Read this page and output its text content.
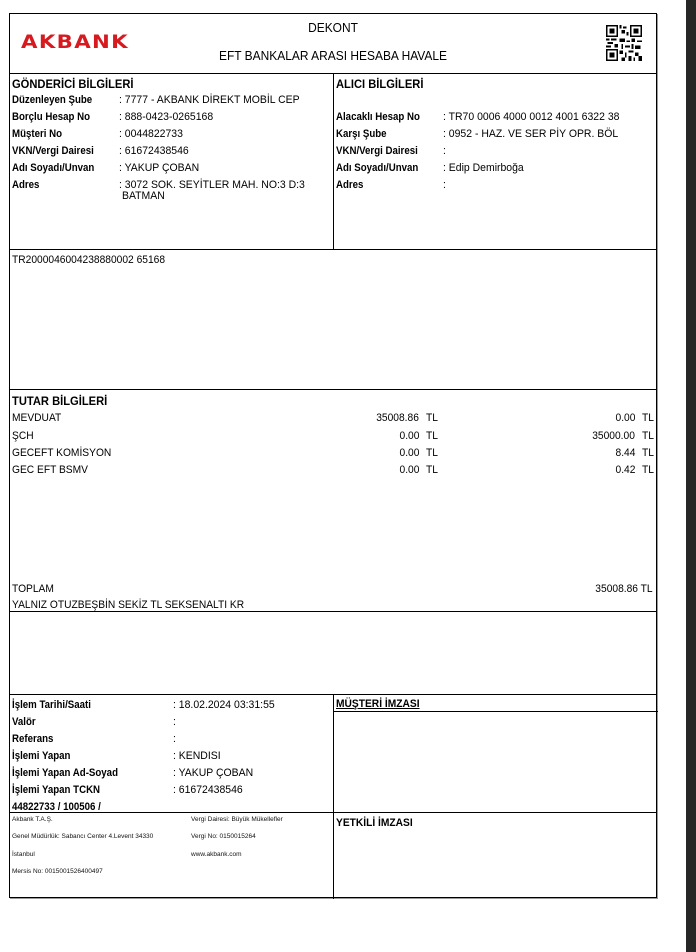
AKBANK
DEKONT
EFT BANKALAR ARASI HESABA HAVALE
GÖNDERİCİ BİLGİLERİ
Düzenleyen Şube : 7777 - AKBANK DİREKT MOBİL CEP
Borçlu Hesap No	: 888-0423-0265168
Müşteri No	: 0044822733
VKN/Vergi Dairesi : 61672438546
Adı Soyadı/Unvan : YAKUP ÇOBAN
Adres	: 3072 SOK. SEYİTLER MAH. NO:3 D:3
BATMAN
ALICI BİLGİLERİ
Alacaklı Hesap No : TR70 0006 4000 0012 4001 6322 38
Karşı Şube	: 0952 - HAZ. VE SER PİY OPR. BÖL
VKN/Vergi Dairesi :
Adı Soyadı/Unvan : Edip Demirboğa
Adres	:
TR2000046004238880002 65168
TUTAR BİLGİLERİ
MEVDUAT	35008.86 TL	0.00 TL
ŞCH	0.00 TL	35000.00 TL
GECEFT KOMİSYON	0.00 TL	8.44 TL
GEC EFT BSMV	0.00 TL	0.42 TL
TOPLAM	35008.86 TL
YALNIZ OTUZBEŞBİN SEKİZ TL SEKSENALTI KR
İşlem Tarihi/Saati	: 18.02.2024 03:31:55
Valör	:
Referans	:
İşlemi Yapan	: KENDISI
İşlemi Yapan Ad-Soyad	: YAKUP ÇOBAN
İşlemi Yapan TCKN	: 61672438546
44822733 / 100506 /
MÜŞTERİ İMZASI
YETKİLİ İMZASI
Akbank T.A.Ş.
Genel Müdürlük: Sabancı Center 4.Levent 34330
İstanbul
Mersis No: 0015001526400497
Vergi Dairesi: Büyük Mükellefler
Vergi No: 0150015264
www.akbank.com
